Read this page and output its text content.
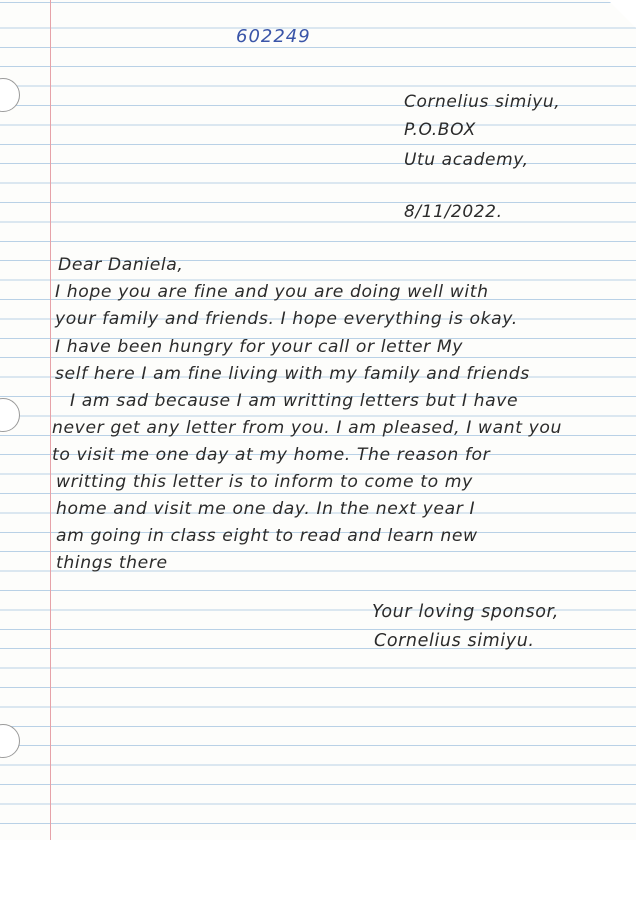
602249
Cornelius simiyu,
P.O.BOX
Utu academy,
8/11/2022.
Dear Daniela,
I hope you are fine and you are doing well with
your family and friends. I hope everything is okay.
I have been hungry for your call or letter My
self here I am fine living with my family and friends
I am sad because I am writting letters but I have
never get any letter from you. I am pleased, I want you
to visit me one day at my home. The reason for
writting this letter is to inform to come to my
home and visit me one day. In the next year I
am going in class eight to read and learn new
things there
Your loving sponsor,
Cornelius simiyu.
